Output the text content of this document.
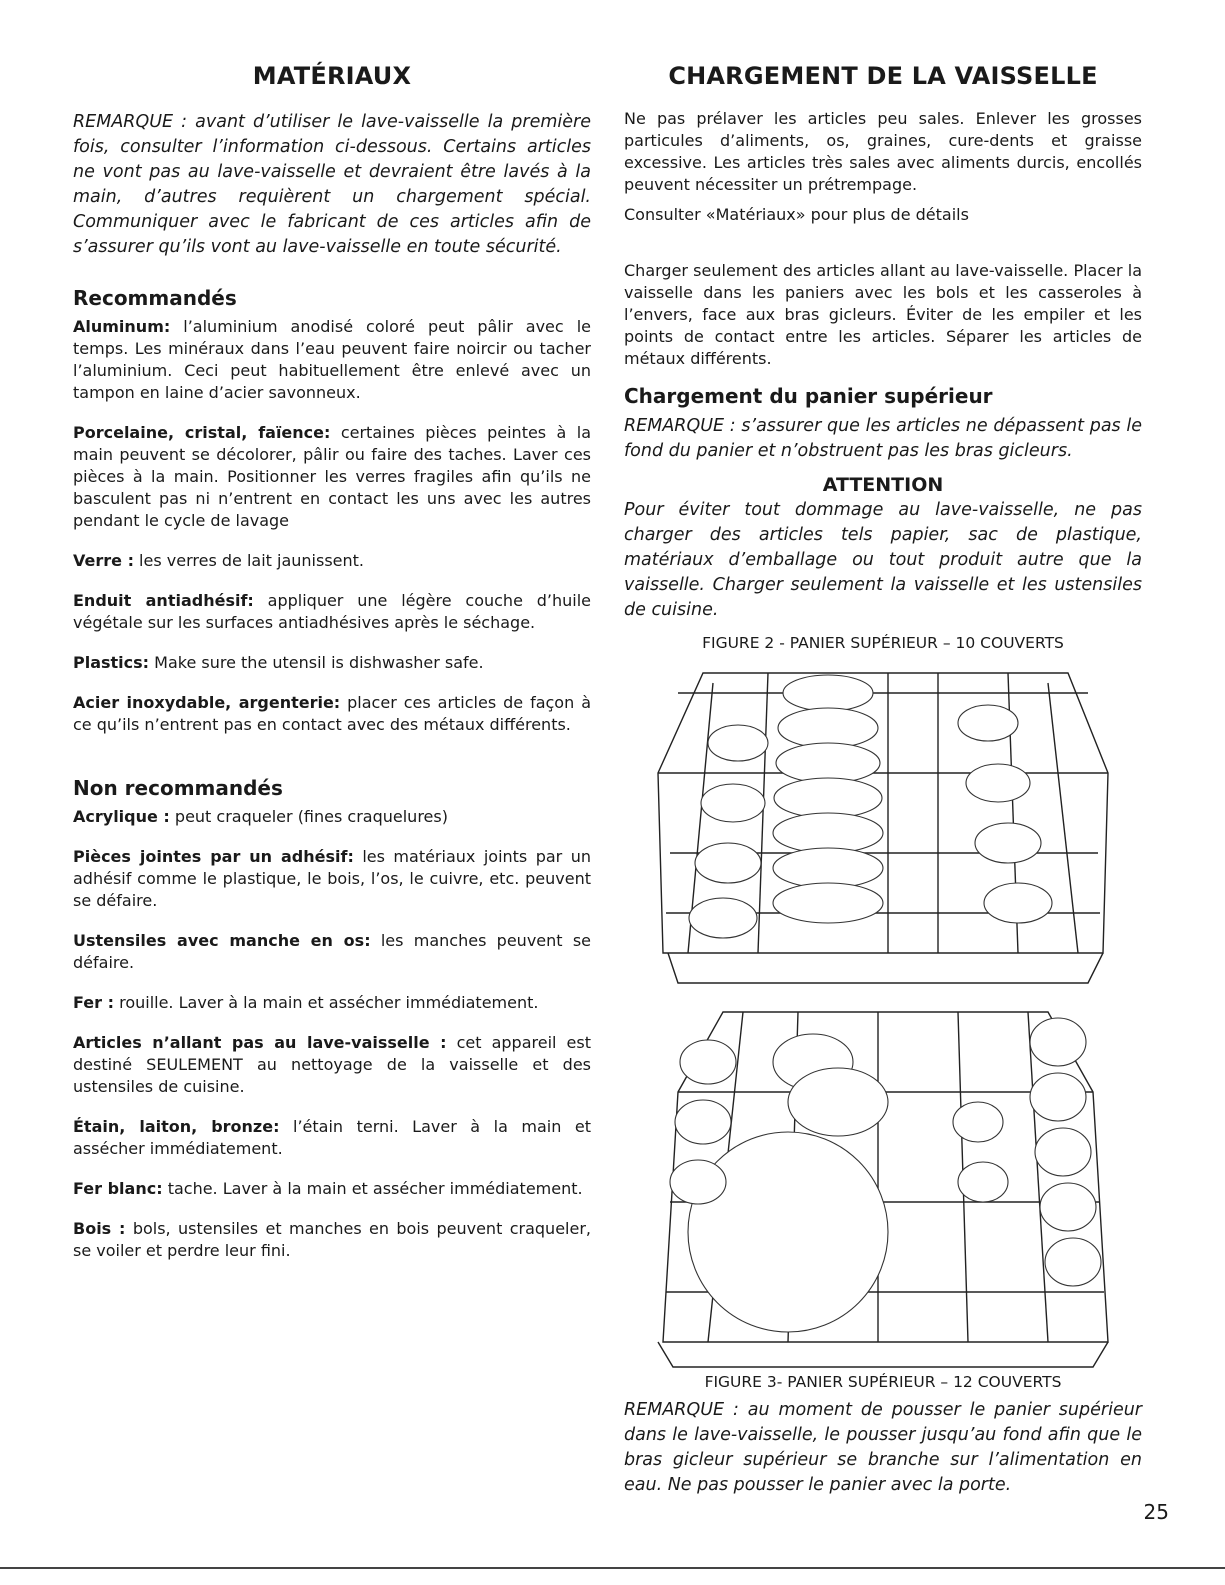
MATÉRIAUX

REMARQUE : avant d’utiliser le lave-vaisselle la première fois, consulter l’information ci-dessous. Certains articles ne vont pas au lave-vaisselle et devraient être lavés à la main, d’autres requièrent un chargement spécial. Communiquer avec le fabricant de ces articles afin de s’assurer qu’ils vont au lave-vaisselle en toute sécurité.

Recommandés

Aluminum: l’aluminium anodisé coloré peut pâlir avec le temps. Les minéraux dans l’eau peuvent faire noircir ou tacher l’aluminium. Ceci peut habituellement être enlevé avec un tampon en laine d’acier savonneux.

Porcelaine, cristal, faïence: certaines pièces peintes à la main peuvent se décolorer, pâlir ou faire des taches. Laver ces pièces à la main. Positionner les verres fragiles afin qu’ils ne basculent pas ni n’entrent en contact les uns avec les autres pendant le cycle de lavage

Verre : les verres de lait jaunissent.

Enduit antiadhésif: appliquer une légère couche d’huile végétale sur les surfaces antiadhésives après le séchage.

Plastics: Make sure the utensil is dishwasher safe.

Acier inoxydable, argenterie: placer ces articles de façon à ce qu’ils n’entrent pas en contact avec des métaux différents.

Non recommandés

Acrylique : peut craqueler (fines craquelures)

Pièces jointes par un adhésif: les matériaux joints par un adhésif comme le plastique, le bois, l’os, le cuivre, etc. peuvent se défaire.

Ustensiles avec manche en os: les manches peuvent se défaire.

Fer : rouille. Laver à la main et assécher immédiatement.

Articles n’allant pas au lave-vaisselle : cet appareil est destiné SEULEMENT au nettoyage de la vaisselle et des ustensiles de cuisine.

Étain, laiton, bronze: l’étain terni. Laver à la main et assécher immédiatement.

Fer blanc: tache. Laver à la main et assécher immédiatement.

Bois : bols, ustensiles et manches en bois peuvent craqueler, se voiler et perdre leur fini.

CHARGEMENT DE LA VAISSELLE

Ne pas prélaver les articles peu sales. Enlever les grosses particules d’aliments, os, graines, cure-dents et graisse excessive. Les articles très sales avec aliments durcis, encollés peuvent nécessiter un prétrempage.

Consulter «Matériaux» pour plus de détails

Charger seulement des articles allant au lave-vaisselle. Placer la vaisselle dans les paniers avec les bols et les casseroles à l’envers, face aux bras gicleurs. Éviter de les empiler et les points de contact entre les articles. Séparer les articles de métaux différents.

Chargement du panier supérieur

REMARQUE : s’assurer que les articles ne dépassent pas le fond du panier et n’obstruent pas les bras gicleurs.

ATTENTION

Pour éviter tout dommage au lave-vaisselle, ne pas charger des articles tels papier, sac de plastique, matériaux d’emballage ou tout produit autre que la vaisselle. Charger seulement la vaisselle et les ustensiles de cuisine.

FIGURE 2 - PANIER SUPÉRIEUR – 10 COUVERTS
FIGURE 3- PANIER SUPÉRIEUR – 12 COUVERTS

REMARQUE : au moment de pousser le panier supérieur dans le lave-vaisselle, le pousser jusqu’au fond afin que le bras gicleur supérieur se branche sur l’alimentation en eau. Ne pas pousser le panier avec la porte.

25
